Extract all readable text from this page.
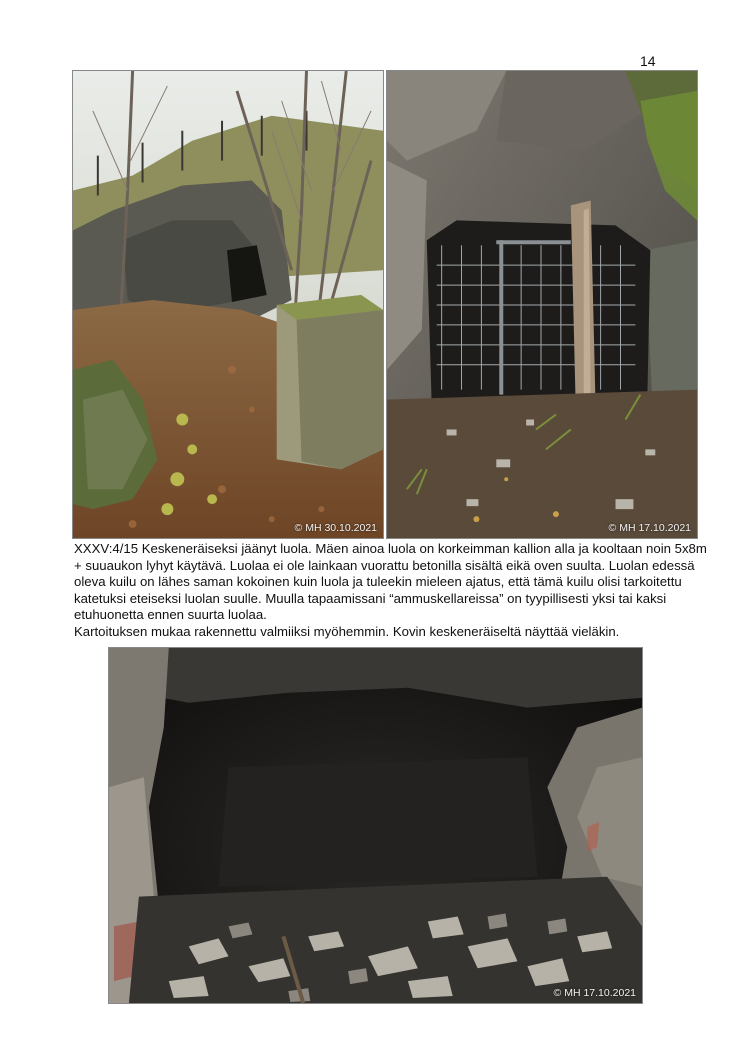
14
© MH 30.10.2021	© MH 17.10.2021

XXXV:4/15 Keskeneräiseksi jäänyt luola. Mäen ainoa luola on korkeimman kallion alla ja kooltaan noin 5x8m + suuaukon lyhyt käytävä. Luolaa ei ole lainkaan vuorattu betonilla sisältä eikä oven suulta. Luolan edessä oleva kuilu on lähes saman kokoinen kuin luola ja tuleekin mieleen ajatus, että tämä kuilu olisi tarkoitettu katetuksi eteiseksi luolan suulle. Muulla tapaamissani “ammuskellareissa” on tyypillisesti yksi tai kaksi etuhuonetta ennen suurta luolaa.

Kartoituksen mukaa rakennettu valmiiksi myöhemmin. Kovin keskeneräiseltä näyttää vieläkin.

© MH 17.10.2021
